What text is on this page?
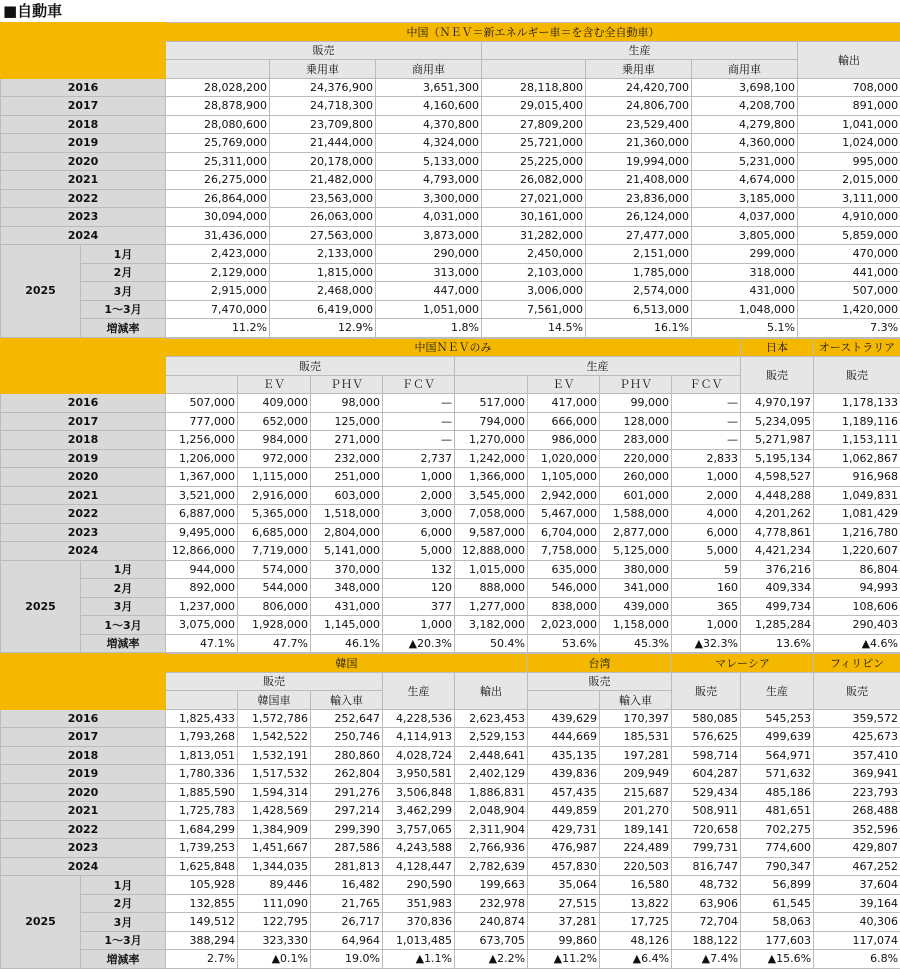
■自動車
		中国（ＮＥＶ＝新エネルギー車＝を含む全自動車）						
		販売			生産			輸出
			乗用車	商用車		乗用車	商用車	
2016		28,028,200	24,376,900	3,651,300	28,118,800	24,420,700	3,698,100	708,000
2017		28,878,900	24,718,300	4,160,600	29,015,400	24,806,700	4,208,700	891,000
2018		28,080,600	23,709,800	4,370,800	27,809,200	23,529,400	4,279,800	1,041,000
2019		25,769,000	21,444,000	4,324,000	25,721,000	21,360,000	4,360,000	1,024,000
2020		25,311,000	20,178,000	5,133,000	25,225,000	19,994,000	5,231,000	995,000
2021		26,275,000	21,482,000	4,793,000	26,082,000	21,408,000	4,674,000	2,015,000
2022		26,864,000	23,563,000	3,300,000	27,021,000	23,836,000	3,185,000	3,111,000
2023		30,094,000	26,063,000	4,031,000	30,161,000	26,124,000	4,037,000	4,910,000
2024		31,436,000	27,563,000	3,873,000	31,282,000	27,477,000	3,805,000	5,859,000
2025	1月	2,423,000	2,133,000	290,000	2,450,000	2,151,000	299,000	470,000
	2月	2,129,000	1,815,000	313,000	2,103,000	1,785,000	318,000	441,000
	3月	2,915,000	2,468,000	447,000	3,006,000	2,574,000	431,000	507,000
	1〜3月	7,470,000	6,419,000	1,051,000	7,561,000	6,513,000	1,048,000	1,420,000
	増減率	11.2%	12.9%	1.8%	14.5%	16.1%	5.1%	7.3%
		中国ＮＥＶのみ								日本	オーストラリア
		販売				生産				販売	販売
			ＥＶ	ＰＨＶ	ＦＣＶ		ＥＶ	ＰＨＶ	ＦＣＶ		
2016		507,000	409,000	98,000	—	517,000	417,000	99,000	—	4,970,197	1,178,133
2017		777,000	652,000	125,000	—	794,000	666,000	128,000	—	5,234,095	1,189,116
2018		1,256,000	984,000	271,000	—	1,270,000	986,000	283,000	—	5,271,987	1,153,111
2019		1,206,000	972,000	232,000	2,737	1,242,000	1,020,000	220,000	2,833	5,195,134	1,062,867
2020		1,367,000	1,115,000	251,000	1,000	1,366,000	1,105,000	260,000	1,000	4,598,527	916,968
2021		3,521,000	2,916,000	603,000	2,000	3,545,000	2,942,000	601,000	2,000	4,448,288	1,049,831
2022		6,887,000	5,365,000	1,518,000	3,000	7,058,000	5,467,000	1,588,000	4,000	4,201,262	1,081,429
2023		9,495,000	6,685,000	2,804,000	6,000	9,587,000	6,704,000	2,877,000	6,000	4,778,861	1,216,780
2024		12,866,000	7,719,000	5,141,000	5,000	12,888,000	7,758,000	5,125,000	5,000	4,421,234	1,220,607
2025	1月	944,000	574,000	370,000	132	1,015,000	635,000	380,000	59	376,216	86,804
	2月	892,000	544,000	348,000	120	888,000	546,000	341,000	160	409,334	94,993
	3月	1,237,000	806,000	431,000	377	1,277,000	838,000	439,000	365	499,734	108,606
	1〜3月	3,075,000	1,928,000	1,145,000	1,000	3,182,000	2,023,000	1,158,000	1,000	1,285,284	290,403
	増減率	47.1%	47.7%	46.1%	▲20.3%	50.4%	53.6%	45.3%	▲32.3%	13.6%	▲4.6%
		韓国					台湾		マレーシア		フィリピン
		販売			生産	輸出	販売		販売	生産	販売
			韓国車	輸入車				輸入車			
2016		1,825,433	1,572,786	252,647	4,228,536	2,623,453	439,629	170,397	580,085	545,253	359,572
2017		1,793,268	1,542,522	250,746	4,114,913	2,529,153	444,669	185,531	576,625	499,639	425,673
2018		1,813,051	1,532,191	280,860	4,028,724	2,448,641	435,135	197,281	598,714	564,971	357,410
2019		1,780,336	1,517,532	262,804	3,950,581	2,402,129	439,836	209,949	604,287	571,632	369,941
2020		1,885,590	1,594,314	291,276	3,506,848	1,886,831	457,435	215,687	529,434	485,186	223,793
2021		1,725,783	1,428,569	297,214	3,462,299	2,048,904	449,859	201,270	508,911	481,651	268,488
2022		1,684,299	1,384,909	299,390	3,757,065	2,311,904	429,731	189,141	720,658	702,275	352,596
2023		1,739,253	1,451,667	287,586	4,243,588	2,766,936	476,987	224,489	799,731	774,600	429,807
2024		1,625,848	1,344,035	281,813	4,128,447	2,782,639	457,830	220,503	816,747	790,347	467,252
2025	1月	105,928	89,446	16,482	290,590	199,663	35,064	16,580	48,732	56,899	37,604
	2月	132,855	111,090	21,765	351,983	232,978	27,515	13,822	63,906	61,545	39,164
	3月	149,512	122,795	26,717	370,836	240,874	37,281	17,725	72,704	58,063	40,306
	1〜3月	388,294	323,330	64,964	1,013,485	673,705	99,860	48,126	188,122	177,603	117,074
	増減率	2.7%	▲0.1%	19.0%	▲1.1%	▲2.2%	▲11.2%	▲6.4%	▲7.4%	▲15.6%	6.8%
